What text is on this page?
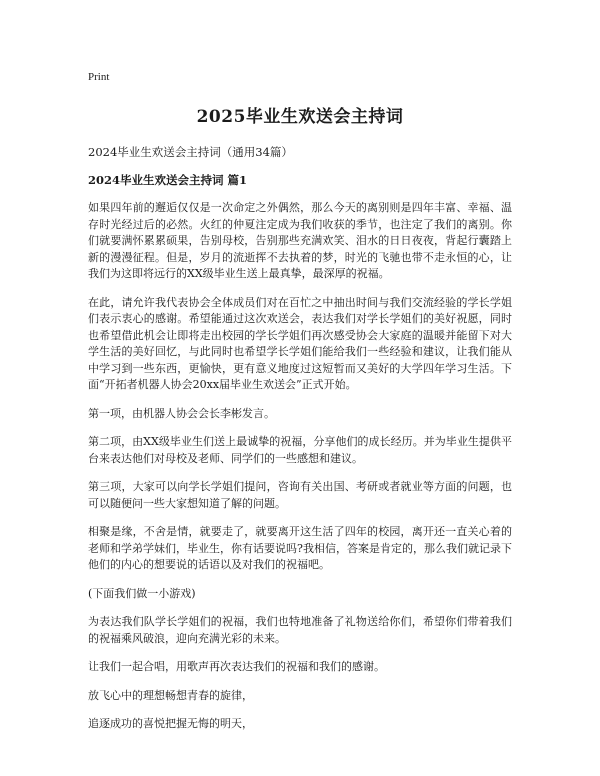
Print
2025毕业生欢送会主持词

2024毕业生欢送会主持词（通用34篇）

2024毕业生欢送会主持词 篇1

如果四年前的邂逅仅仅是一次命定之外偶然，那么今天的离别则是四年丰富、幸福、温存时光经过后的必然。火红的仲夏注定成为我们收获的季节，也注定了我们的离别。你们就要满怀累累硕果，告别母校，告别那些充满欢笑、泪水的日日夜夜，背起行囊踏上新的漫漫征程。但是，岁月的流逝挥不去执着的梦，时光的飞驰也带不走永恒的心，让我们为这即将远行的XX级毕业生送上最真挚，最深厚的祝福。

在此，请允许我代表协会全体成员们对在百忙之中抽出时间与我们交流经验的学长学姐们表示衷心的感谢。希望能通过这次欢送会，表达我们对学长学姐们的美好祝愿，同时也希望借此机会让即将走出校园的学长学姐们再次感受协会大家庭的温暖并能留下对大学生活的美好回忆，与此同时也希望学长学姐们能给我们一些经验和建议，让我们能从中学习到一些东西，更愉快，更有意义地度过这短暂而又美好的大学四年学习生活。下面“开拓者机器人协会20xx届毕业生欢送会”正式开始。

第一项，由机器人协会会长李彬发言。

第二项，由XX级毕业生们送上最诚挚的祝福，分享他们的成长经历。并为毕业生提供平台来表达他们对母校及老师、同学们的一些感想和建议。

第三项，大家可以向学长学姐们提问，咨询有关出国、考研或者就业等方面的问题，也可以随便问一些大家想知道了解的问题。

相聚是缘，不舍是情，就要走了，就要离开这生活了四年的校园，离开还一直关心着的老师和学弟学妹们，毕业生，你有话要说吗?我相信，答案是肯定的，那么我们就记录下他们的内心的想要说的话语以及对我们的祝福吧。

(下面我们做一小游戏)

为表达我们队学长学姐们的祝福，我们也特地准备了礼物送给你们，希望你们带着我们的祝福乘风破浪，迎向充满光彩的未来。

让我们一起合唱，用歌声再次表达我们的祝福和我们的感谢。

放飞心中的理想畅想青春的旋律，

追逐成功的喜悦把握无悔的明天，
